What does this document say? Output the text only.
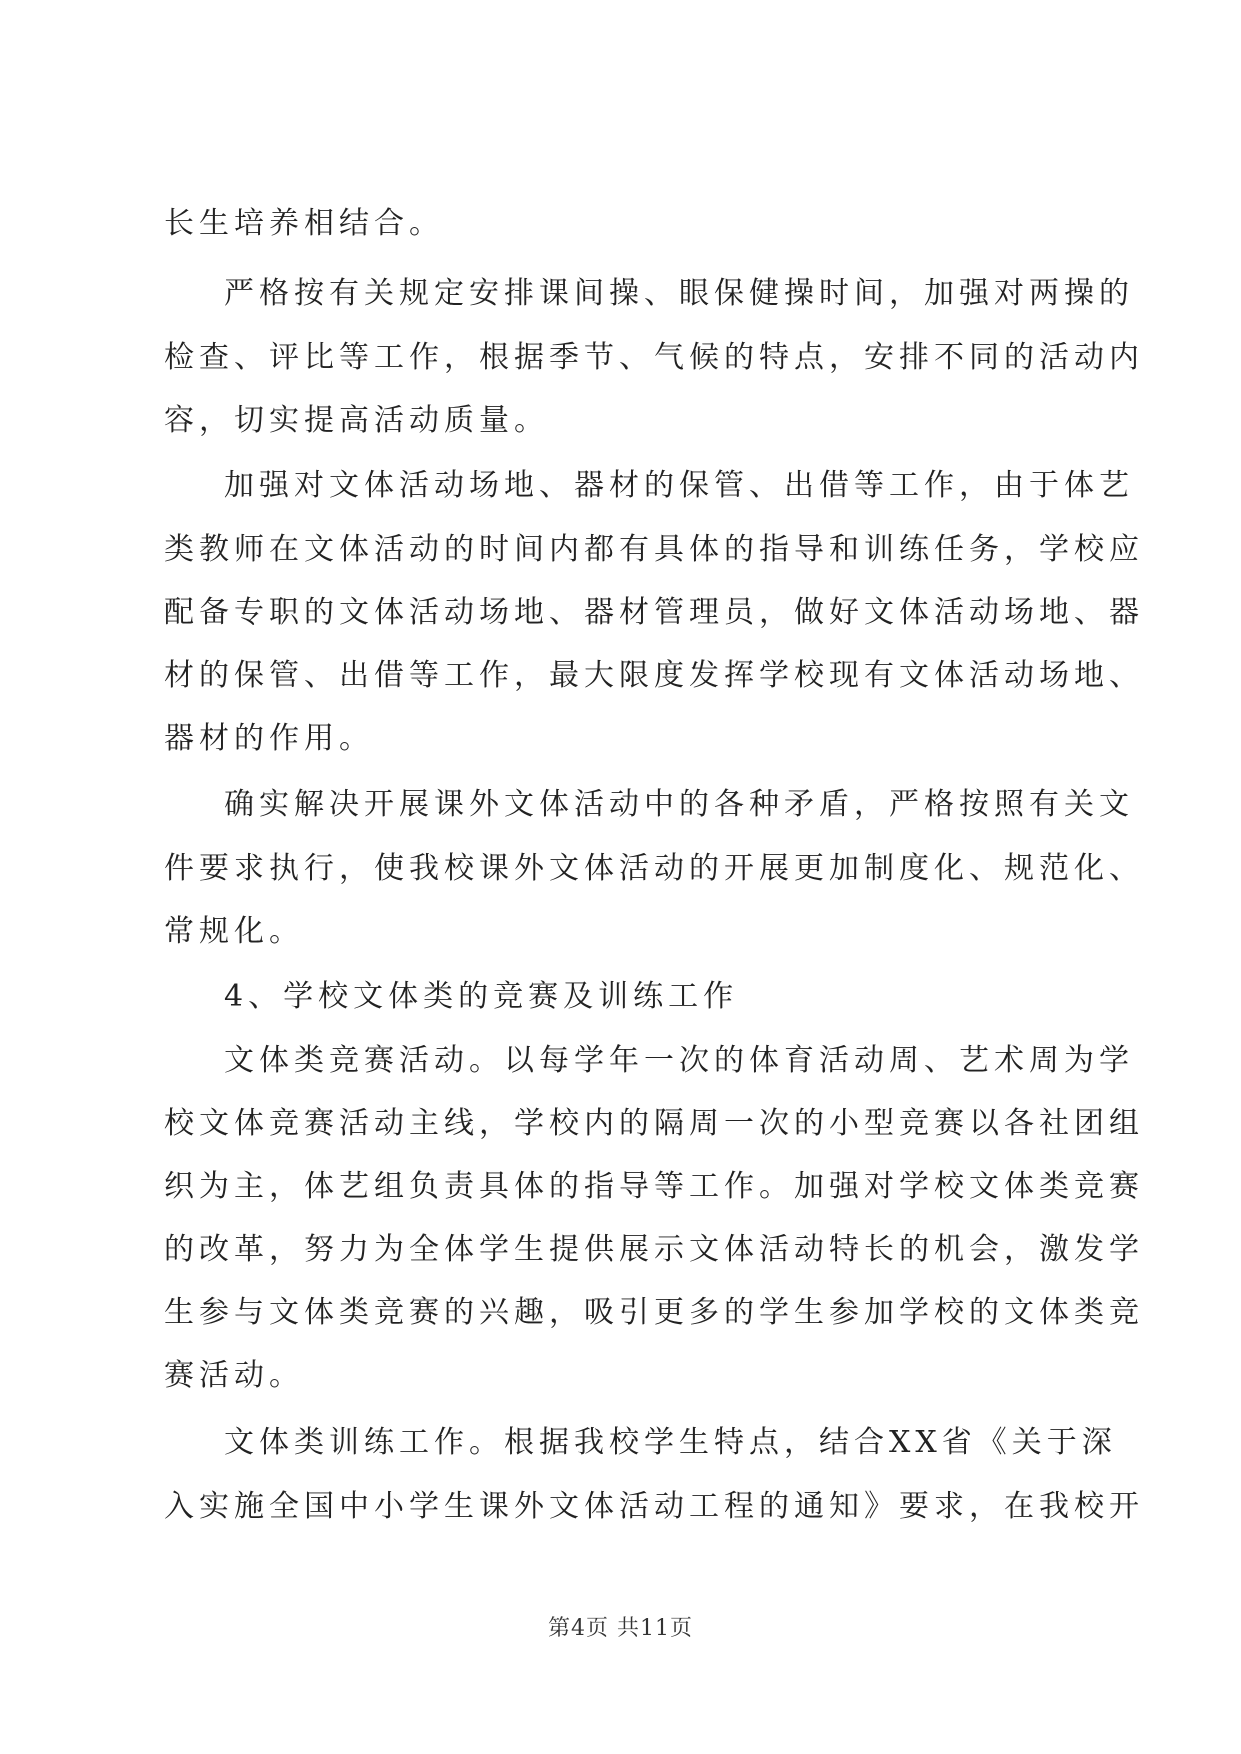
长生培养相结合。
严格按有关规定安排课间操、眼保健操时间，加强对两操的
检查、评比等工作，根据季节、气候的特点，安排不同的活动内
容，切实提高活动质量。
加强对文体活动场地、器材的保管、出借等工作，由于体艺
类教师在文体活动的时间内都有具体的指导和训练任务，学校应
配备专职的文体活动场地、器材管理员，做好文体活动场地、器
材的保管、出借等工作，最大限度发挥学校现有文体活动场地、
器材的作用。
确实解决开展课外文体活动中的各种矛盾，严格按照有关文
件要求执行，使我校课外文体活动的开展更加制度化、规范化、
常规化。
4、学校文体类的竞赛及训练工作
文体类竞赛活动。以每学年一次的体育活动周、艺术周为学
校文体竞赛活动主线，学校内的隔周一次的小型竞赛以各社团组
织为主，体艺组负责具体的指导等工作。加强对学校文体类竞赛
的改革，努力为全体学生提供展示文体活动特长的机会，激发学
生参与文体类竞赛的兴趣，吸引更多的学生参加学校的文体类竞
赛活动。
文体类训练工作。根据我校学生特点，结合XX省《关于深
入实施全国中小学生课外文体活动工程的通知》要求，在我校开
第4页 共11页
